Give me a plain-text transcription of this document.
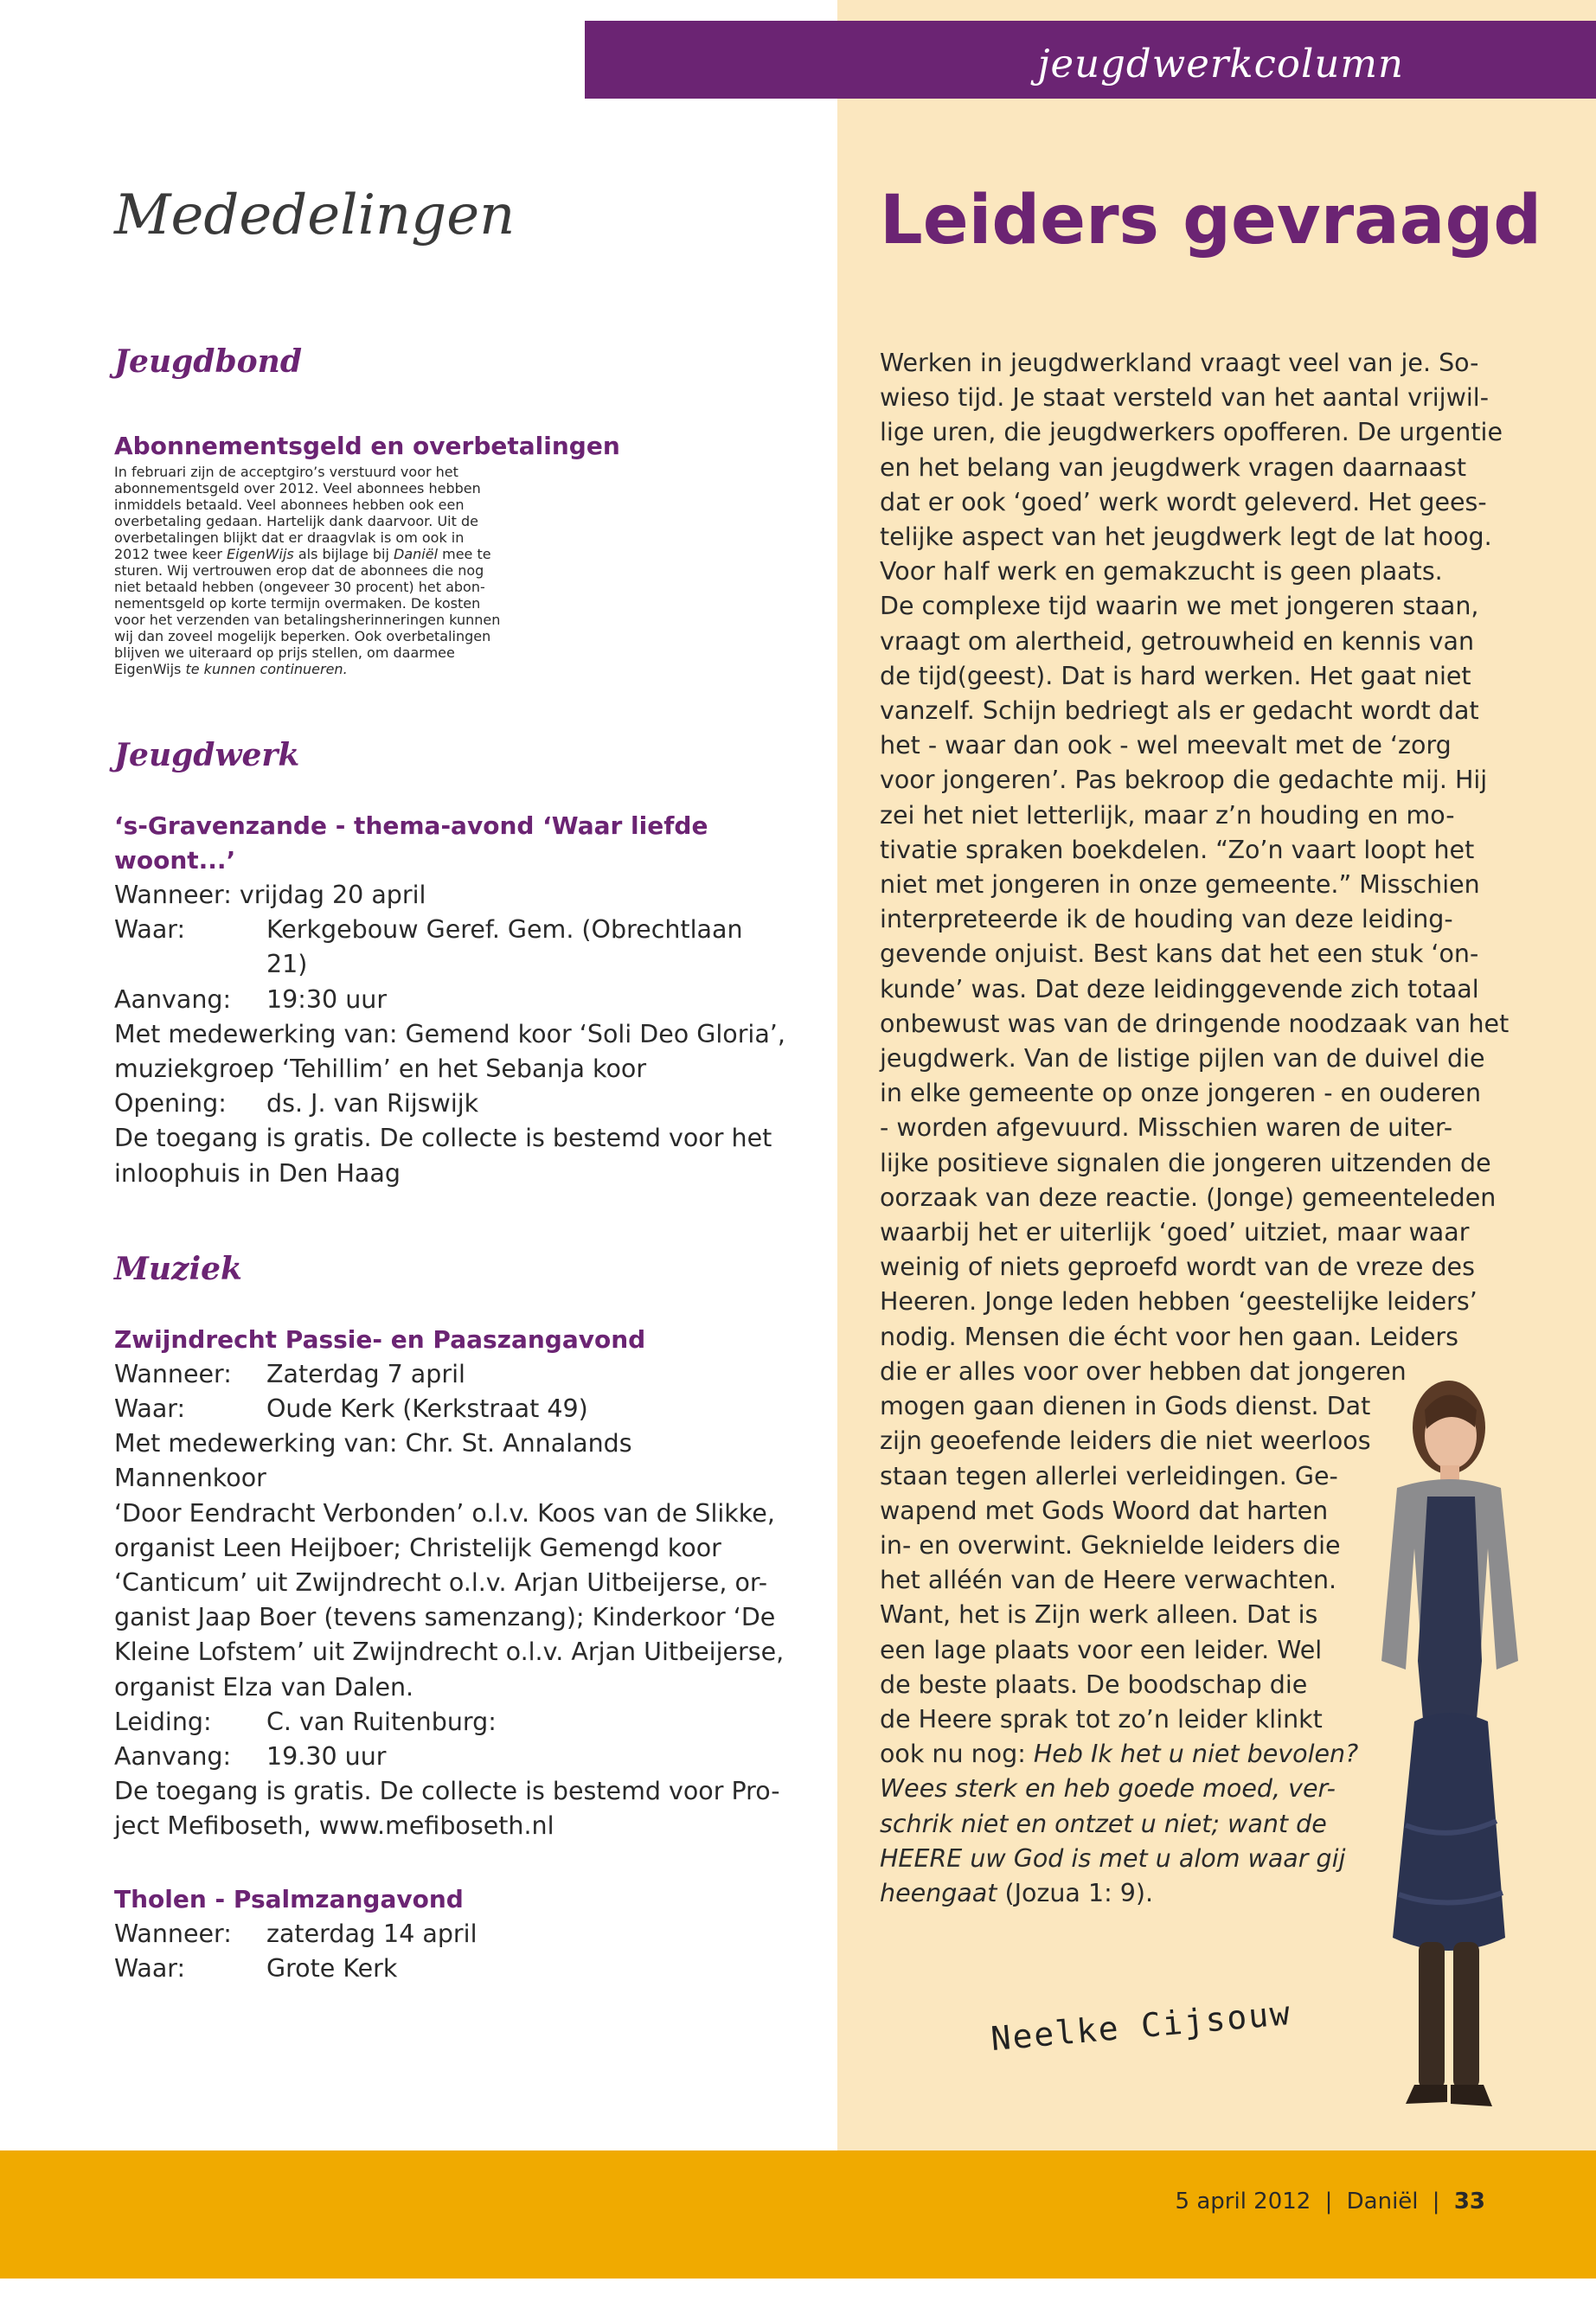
jeugdwerkcolumn
Mededelingen	Leiders gevraagd
Jeugdbond

Abonnementsgeld en overbetalingen

In februari zijn de acceptgiro’s verstuurd voor het
abonnementsgeld over 2012. Veel abonnees hebben
inmiddels betaald. Veel abonnees hebben ook een
overbetaling gedaan. Hartelijk dank daarvoor. Uit de
overbetalingen blijkt dat er draagvlak is om ook in
2012 twee keer EigenWijs als bijlage bij Daniël mee te
sturen. Wij vertrouwen erop dat de abonnees die nog
niet betaald hebben (ongeveer 30 procent) het abon-
nementsgeld op korte termijn overmaken. De kosten
voor het verzenden van betalingsherinneringen kunnen
wij dan zoveel mogelijk beperken. Ook overbetalingen
blijven we uiteraard op prijs stellen, om daarmee
EigenWijs te kunnen continueren.
Jeugdwerk

‘s-Gravenzande - thema-avond ‘Waar liefde woont...’

Wanneer: vrijdag 20 april

Waar:	Kerkgebouw Geref. Gem. (Obrechtlaan 21)
Aanvang:	19:30 uur

Met medewerking van: Gemend koor ‘Soli Deo Gloria’,

muziekgroep ‘Tehillim’ en het Sebanja koor

Opening:	ds. J. van Rijswijk

De toegang is gratis. De collecte is bestemd voor het

inloophuis in Den Haag

Muziek

Zwijndrecht Passie- en Paaszangavond

Wanneer:	Zaterdag 7 april
Waar:	Oude Kerk (Kerkstraat 49)

Met medewerking van: Chr. St. Annalands Mannenkoor

‘Door Eendracht Verbonden’ o.l.v. Koos van de Slikke,

organist Leen Heijboer; Christelijk Gemengd koor

‘Canticum’ uit Zwijndrecht o.l.v. Arjan Uitbeijerse, or-

ganist Jaap Boer (tevens samenzang); Kinderkoor ‘De

Kleine Lofstem’ uit Zwijndrecht o.l.v. Arjan Uitbeijerse,

organist Elza van Dalen.

Leiding:	C. van Ruitenburg:
Aanvang:	19.30 uur

De toegang is gratis. De collecte is bestemd voor Pro-

ject Mefiboseth, www.mefiboseth.nl

Tholen - Psalmzangavond

Wanneer:	zaterdag 14 april
Waar:	Grote Kerk
Werken in jeugdwerkland vraagt veel van je. So-
wieso tijd. Je staat versteld van het aantal vrijwil-
lige uren, die jeugdwerkers opofferen. De urgentie
en het belang van jeugdwerk vragen daarnaast
dat er ook ‘goed’ werk wordt geleverd. Het gees-
telijke aspect van het jeugdwerk legt de lat hoog.
Voor half werk en gemakzucht is geen plaats.
De complexe tijd waarin we met jongeren staan,
vraagt om alertheid, getrouwheid en kennis van
de tijd(geest). Dat is hard werken. Het gaat niet
vanzelf. Schijn bedriegt als er gedacht wordt dat
het - waar dan ook - wel meevalt met de ‘zorg
voor jongeren’. Pas bekroop die gedachte mij. Hij
zei het niet letterlijk, maar z’n houding en mo-
tivatie spraken boekdelen. “Zo’n vaart loopt het
niet met jongeren in onze gemeente.” Misschien
interpreteerde ik de houding van deze leiding-
gevende onjuist. Best kans dat het een stuk ‘on-
kunde’ was. Dat deze leidinggevende zich totaal
onbewust was van de dringende noodzaak van het
jeugdwerk. Van de listige pijlen van de duivel die
in elke gemeente op onze jongeren - en ouderen
- worden afgevuurd. Misschien waren de uiter-
lijke positieve signalen die jongeren uitzenden de
oorzaak van deze reactie. (Jonge) gemeenteleden
waarbij het er uiterlijk ‘goed’ uitziet, maar waar
weinig of niets geproefd wordt van de vreze des
Heeren. Jonge leden hebben ‘geestelijke leiders’
nodig. Mensen die écht voor hen gaan. Leiders
die er alles voor over hebben dat jongeren
mogen gaan dienen in Gods dienst. Dat
zijn geoefende leiders die niet weerloos
staan tegen allerlei verleidingen. Ge-
wapend met Gods Woord dat harten
in- en overwint. Geknielde leiders die
het alléén van de Heere verwachten.
Want, het is Zijn werk alleen. Dat is
een lage plaats voor een leider. Wel
de beste plaats. De boodschap die
de Heere sprak tot zo’n leider klinkt
ook nu nog: Heb Ik het u niet bevolen?
Wees sterk en heb goede moed, ver-
schrik niet en ontzet u niet; want de
HEERE uw God is met u alom waar gij
heengaat (Jozua 1: 9).
Neelke Cijsouw
5 april 2012 | Daniël | 33
